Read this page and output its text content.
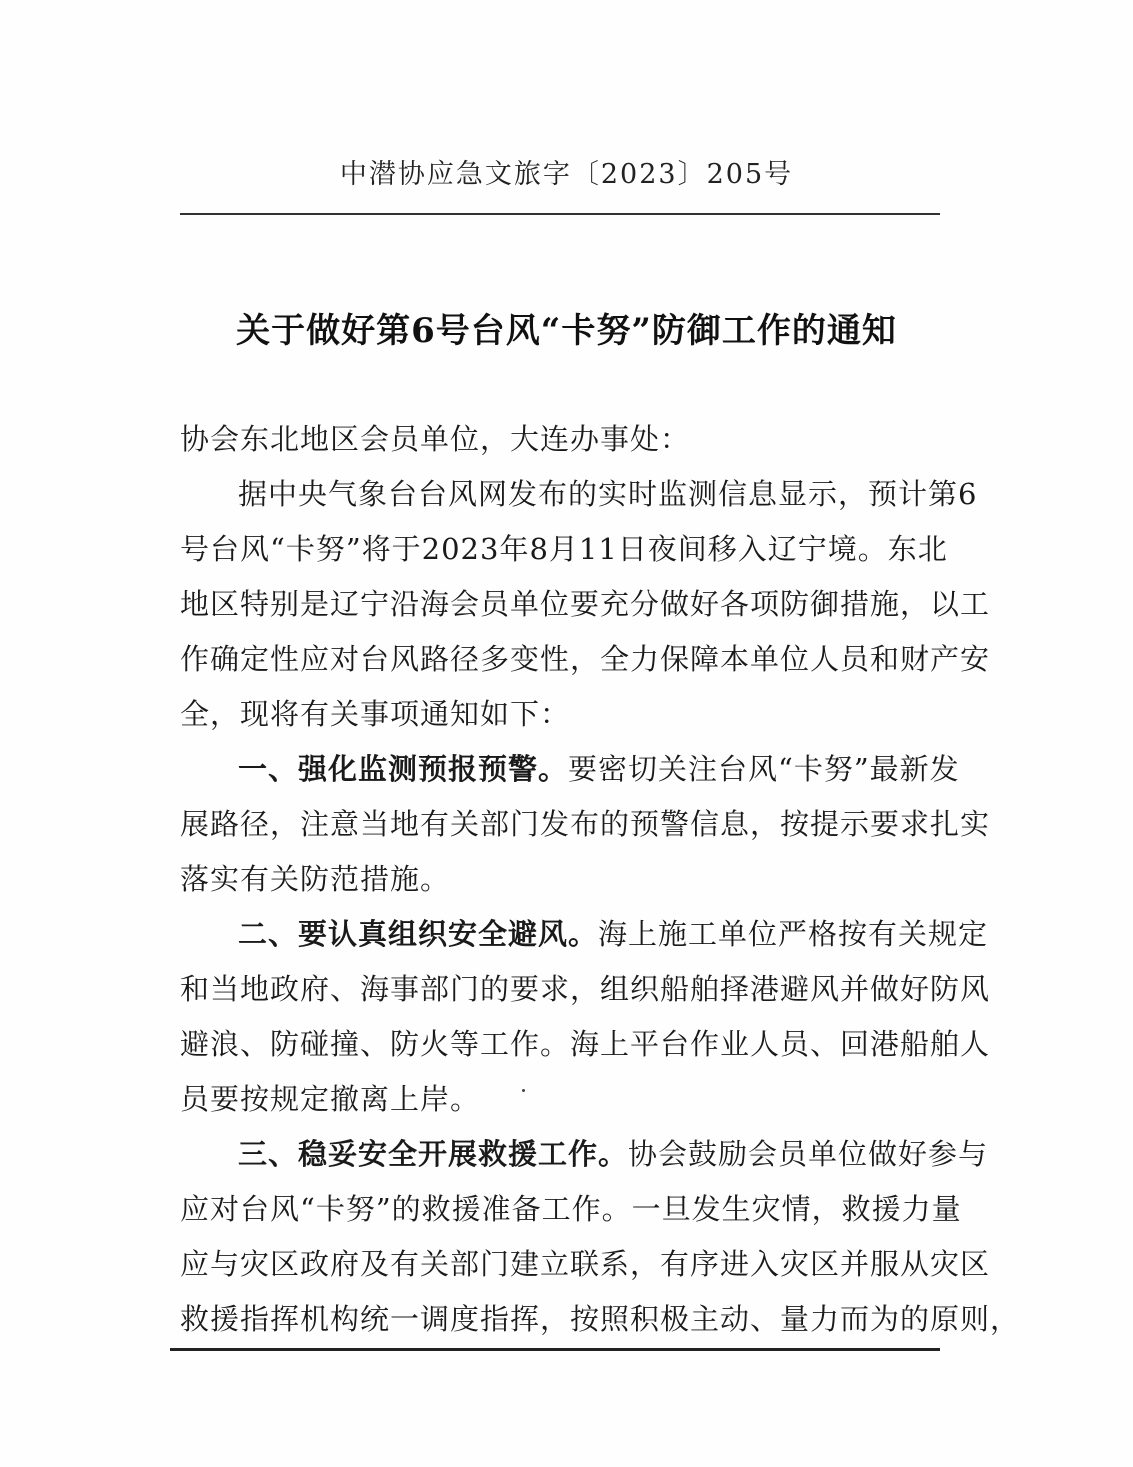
中潜协应急文旅字〔2023〕205号
关于做好第6号台风“卡努”防御工作的通知
协会东北地区会员单位，大连办事处：
据中央气象台台风网发布的实时监测信息显示，预计第6
号台风“卡努”将于2023年8月11日夜间移入辽宁境。东北
地区特别是辽宁沿海会员单位要充分做好各项防御措施，以工
作确定性应对台风路径多变性，全力保障本单位人员和财产安
全，现将有关事项通知如下：
一、强化监测预报预警。要密切关注台风“卡努”最新发
展路径，注意当地有关部门发布的预警信息，按提示要求扎实
落实有关防范措施。
二、要认真组织安全避风。海上施工单位严格按有关规定
和当地政府、海事部门的要求，组织船舶择港避风并做好防风
避浪、防碰撞、防火等工作。海上平台作业人员、回港船舶人
员要按规定撤离上岸。
三、稳妥安全开展救援工作。协会鼓励会员单位做好参与
应对台风“卡努”的救援准备工作。一旦发生灾情，救援力量
应与灾区政府及有关部门建立联系，有序进入灾区并服从灾区
救援指挥机构统一调度指挥，按照积极主动、量力而为的原则，
